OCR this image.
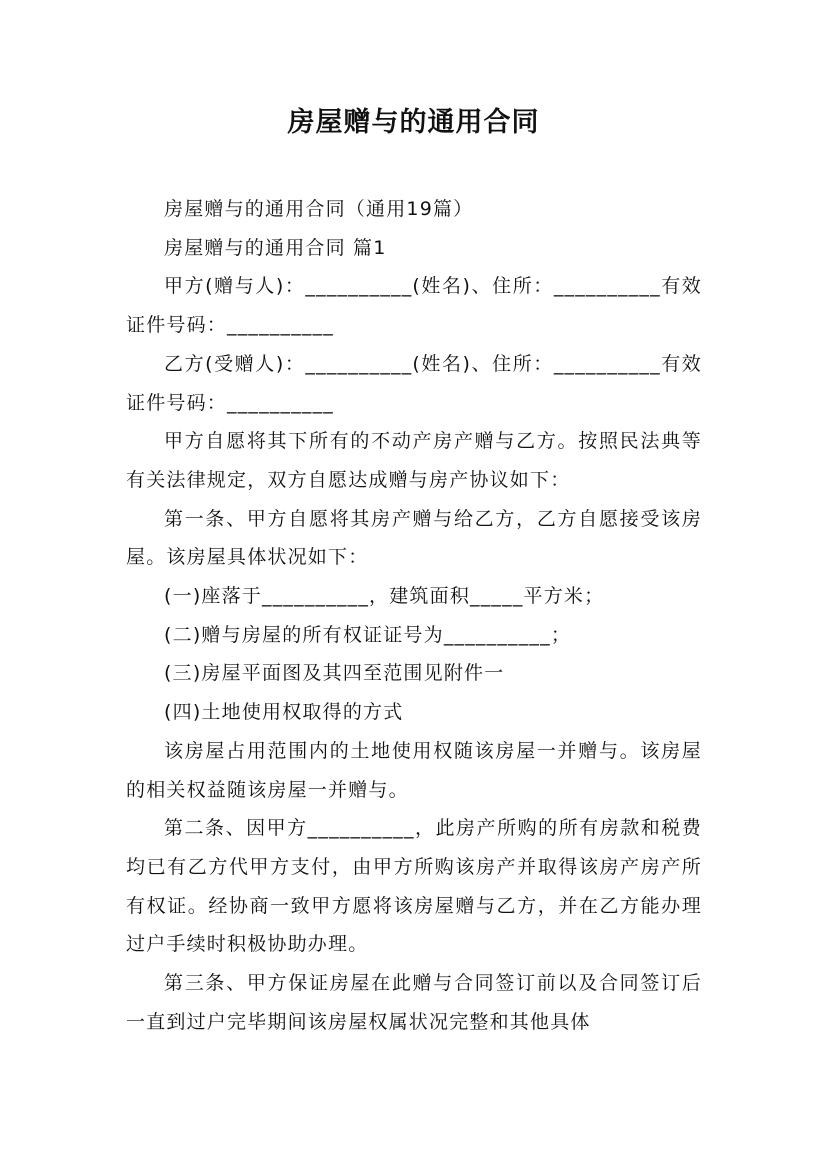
房屋赠与的通用合同

房屋赠与的通用合同（通用19篇）

房屋赠与的通用合同 篇1

甲方(赠与人)：__________(姓名)、住所：__________有效证件号码：__________

乙方(受赠人)：__________(姓名)、住所：__________有效证件号码：__________

甲方自愿将其下所有的不动产房产赠与乙方。按照民法典等有关法律规定，双方自愿达成赠与房产协议如下：

第一条、甲方自愿将其房产赠与给乙方，乙方自愿接受该房屋。该房屋具体状况如下：

(一)座落于__________，建筑面积_____平方米；

(二)赠与房屋的所有权证证号为__________；

(三)房屋平面图及其四至范围见附件一

(四)土地使用权取得的方式

该房屋占用范围内的土地使用权随该房屋一并赠与。该房屋的相关权益随该房屋一并赠与。

第二条、因甲方__________，此房产所购的所有房款和税费均已有乙方代甲方支付，由甲方所购该房产并取得该房产房产所有权证。经协商一致甲方愿将该房屋赠与乙方，并在乙方能办理过户手续时积极协助办理。

第三条、甲方保证房屋在此赠与合同签订前以及合同签订后一直到过户完毕期间该房屋权属状况完整和其他具体
